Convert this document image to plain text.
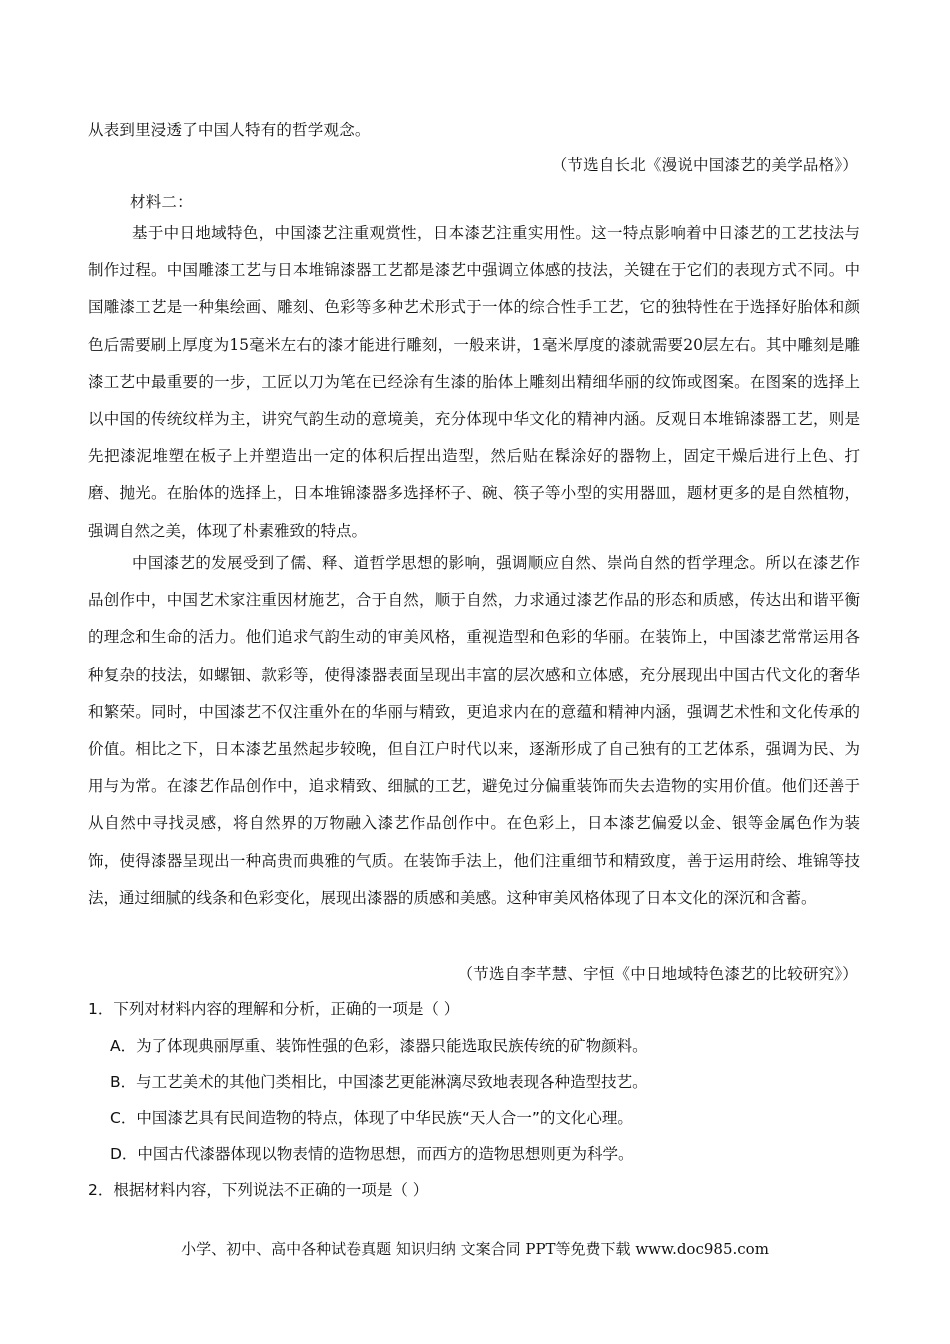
从表到里浸透了中国人特有的哲学观念。
（节选自长北《漫说中国漆艺的美学品格》）
材料二：

基于中日地域特色，中国漆艺注重观赏性，日本漆艺注重实用性。这一特点影响着中日漆艺的工艺技法与制作过程。中国雕漆工艺与日本堆锦漆器工艺都是漆艺中强调立体感的技法，关键在于它们的表现方式不同。中国雕漆工艺是一种集绘画、雕刻、色彩等多种艺术形式于一体的综合性手工艺，它的独特性在于选择好胎体和颜色后需要刷上厚度为15毫米左右的漆才能进行雕刻，一般来讲，1毫米厚度的漆就需要20层左右。其中雕刻是雕漆工艺中最重要的一步，工匠以刀为笔在已经涂有生漆的胎体上雕刻出精细华丽的纹饰或图案。在图案的选择上以中国的传统纹样为主，讲究气韵生动的意境美，充分体现中华文化的精神内涵。反观日本堆锦漆器工艺，则是先把漆泥堆塑在板子上并塑造出一定的体积后捏出造型，然后贴在髹涂好的器物上，固定干燥后进行上色、打磨、抛光。在胎体的选择上，日本堆锦漆器多选择杯子、碗、筷子等小型的实用器皿，题材更多的是自然植物，强调自然之美，体现了朴素雅致的特点。

中国漆艺的发展受到了儒、释、道哲学思想的影响，强调顺应自然、崇尚自然的哲学理念。所以在漆艺作品创作中，中国艺术家注重因材施艺，合于自然，顺于自然，力求通过漆艺作品的形态和质感，传达出和谐平衡的理念和生命的活力。他们追求气韵生动的审美风格，重视造型和色彩的华丽。在装饰上，中国漆艺常常运用各种复杂的技法，如螺钿、款彩等，使得漆器表面呈现出丰富的层次感和立体感，充分展现出中国古代文化的奢华和繁荣。同时，中国漆艺不仅注重外在的华丽与精致，更追求内在的意蕴和精神内涵，强调艺术性和文化传承的价值。相比之下，日本漆艺虽然起步较晚，但自江户时代以来，逐渐形成了自己独有的工艺体系，强调为民、为用与为常。在漆艺作品创作中，追求精致、细腻的工艺，避免过分偏重装饰而失去造物的实用价值。他们还善于从自然中寻找灵感，将自然界的万物融入漆艺作品创作中。在色彩上，日本漆艺偏爱以金、银等金属色作为装饰，使得漆器呈现出一种高贵而典雅的气质。在装饰手法上，他们注重细节和精致度，善于运用莳绘、堆锦等技法，通过细腻的线条和色彩变化，展现出漆器的质感和美感。这种审美风格体现了日本文化的深沉和含蓄。

（节选自李芊慧、宇恒《中日地域特色漆艺的比较研究》）
1．下列对材料内容的理解和分析，正确的一项是（ ）
A．为了体现典丽厚重、装饰性强的色彩，漆器只能选取民族传统的矿物颜料。
B．与工艺美术的其他门类相比，中国漆艺更能淋漓尽致地表现各种造型技艺。
C．中国漆艺具有民间造物的特点，体现了中华民族“天人合一”的文化心理。
D．中国古代漆器体现以物表情的造物思想，而西方的造物思想则更为科学。
2．根据材料内容，下列说法不正确的一项是（ ）
小学、初中、高中各种试卷真题 知识归纳 文案合同 PPT等免费下载 www.doc985.com
